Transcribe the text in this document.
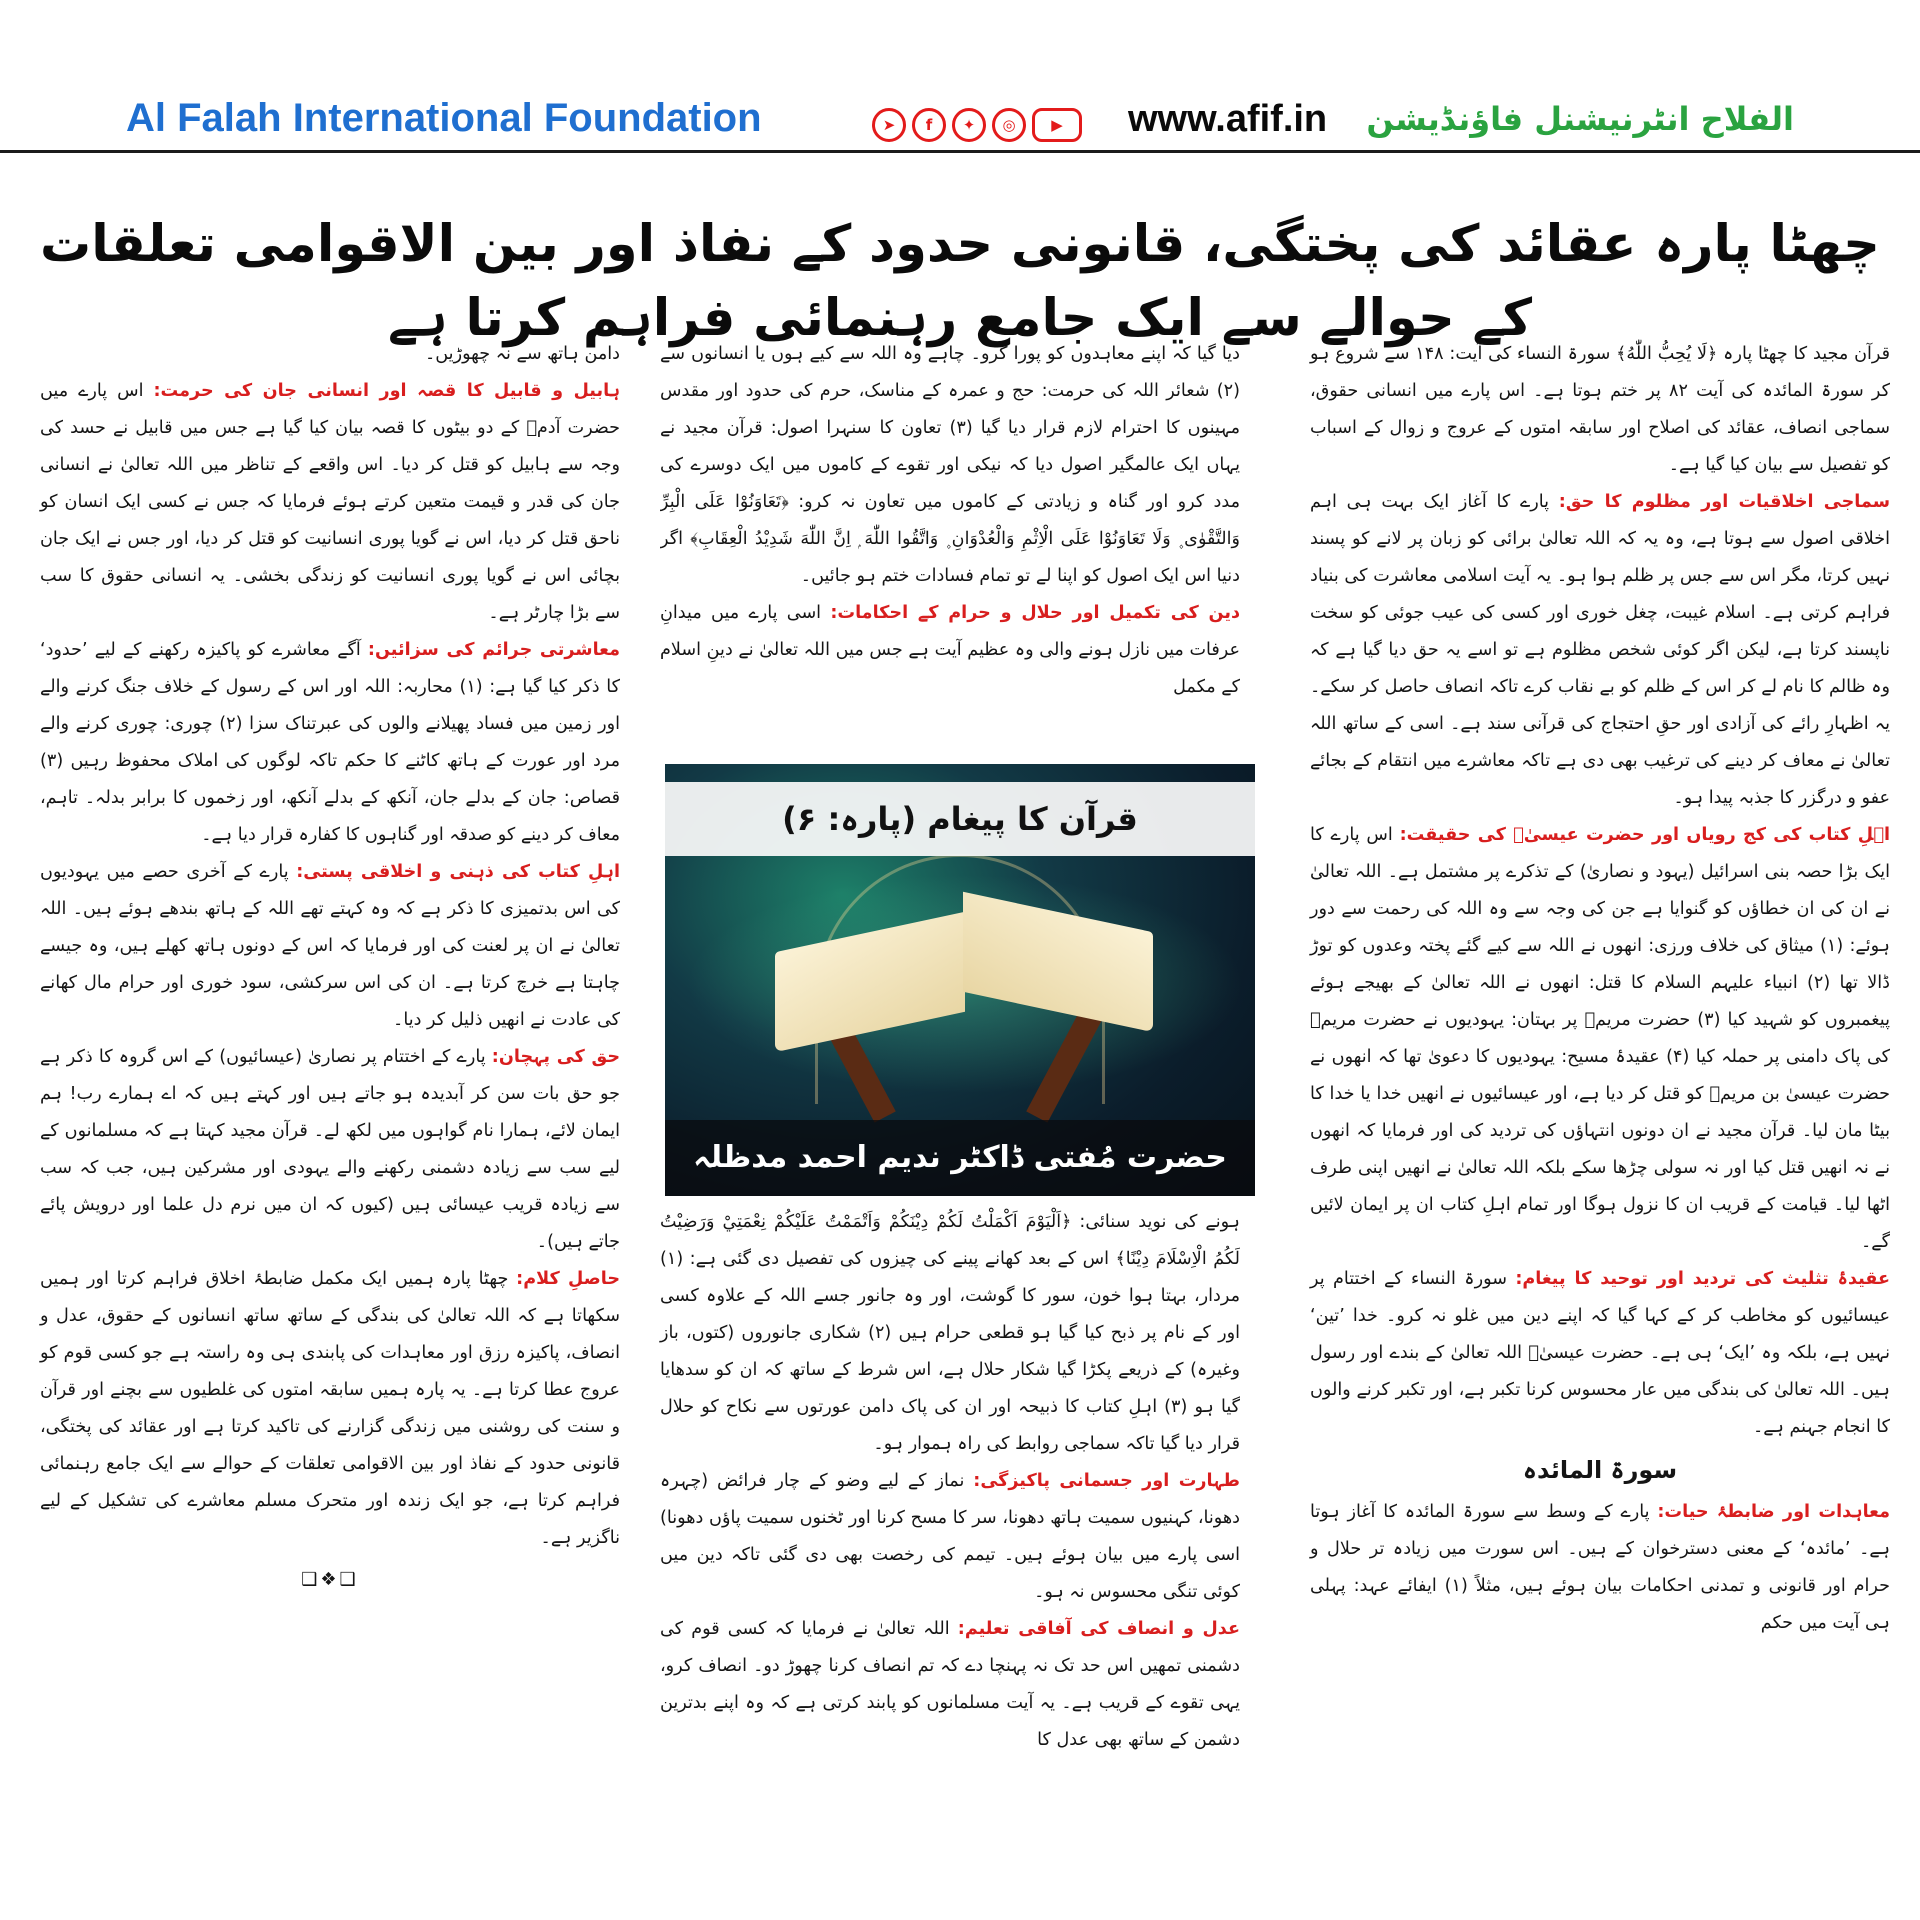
Al Falah International Foundation	➤	f	✦	◎	▶	www.afif.in الفلاح انٹرنیشنل فاؤنڈیشن
چھٹا پارہ عقائد کی پختگی، قانونی حدود کے نفاذ اور بین الاقوامی تعلقات کے حوالے سے ایک جامع رہنمائی فراہم کرتا ہے

قرآن مجید کا چھٹا پارہ ﴿لَا يُحِبُّ اللّٰهُ﴾ سورۃ النساء کی آیت: ۱۴۸ سے شروع ہو کر سورۃ المائدہ کی آیت ۸۲ پر ختم ہوتا ہے۔ اس پارے میں انسانی حقوق، سماجی انصاف، عقائد کی اصلاح اور سابقہ امتوں کے عروج و زوال کے اسباب کو تفصیل سے بیان کیا گیا ہے۔

سماجی اخلاقیات اور مظلوم کا حق: پارے کا آغاز ایک بہت ہی اہم اخلاقی اصول سے ہوتا ہے، وہ یہ کہ اللہ تعالیٰ برائی کو زبان پر لانے کو پسند نہیں کرتا، مگر اس سے جس پر ظلم ہوا ہو۔ یہ آیت اسلامی معاشرت کی بنیاد فراہم کرتی ہے۔ اسلام غیبت، چغل خوری اور کسی کی عیب جوئی کو سخت ناپسند کرتا ہے، لیکن اگر کوئی شخص مظلوم ہے تو اسے یہ حق دیا گیا ہے کہ وہ ظالم کا نام لے کر اس کے ظلم کو بے نقاب کرے تاکہ انصاف حاصل کر سکے۔ یہ اظہارِ رائے کی آزادی اور حقِ احتجاج کی قرآنی سند ہے۔ اسی کے ساتھ اللہ تعالیٰ نے معاف کر دینے کی ترغیب بھی دی ہے تاکہ معاشرے میں انتقام کے بجائے عفو و درگزر کا جذبہ پیدا ہو۔

اہلِ کتاب کی کج رویاں اور حضرت عیسیٰؑ کی حقیقت: اس پارے کا ایک بڑا حصہ بنی اسرائیل (یہود و نصاریٰ) کے تذکرے پر مشتمل ہے۔ اللہ تعالیٰ نے ان کی ان خطاؤں کو گنوایا ہے جن کی وجہ سے وہ اللہ کی رحمت سے دور ہوئے: (۱) میثاق کی خلاف ورزی: انھوں نے اللہ سے کیے گئے پختہ وعدوں کو توڑ ڈالا تھا (۲) انبیاء علیہم السلام کا قتل: انھوں نے اللہ تعالیٰ کے بھیجے ہوئے پیغمبروں کو شہید کیا (۳) حضرت مریمؑ پر بہتان: یہودیوں نے حضرت مریمؑ کی پاک دامنی پر حملہ کیا (۴) عقیدۂ مسیح: یہودیوں کا دعویٰ تھا کہ انھوں نے حضرت عیسیٰ بن مریمؑ کو قتل کر دیا ہے، اور عیسائیوں نے انھیں خدا یا خدا کا بیٹا مان لیا۔ قرآن مجید نے ان دونوں انتہاؤں کی تردید کی اور فرمایا کہ انھوں نے نہ انھیں قتل کیا اور نہ سولی چڑھا سکے بلکہ اللہ تعالیٰ نے انھیں اپنی طرف اٹھا لیا۔ قیامت کے قریب ان کا نزول ہوگا اور تمام اہلِ کتاب ان پر ایمان لائیں گے۔

عقیدۂ تثلیث کی تردید اور توحید کا پیغام: سورۃ النساء کے اختتام پر عیسائیوں کو مخاطب کر کے کہا گیا کہ اپنے دین میں غلو نہ کرو۔ خدا ’تین‘ نہیں ہے، بلکہ وہ ’ایک‘ ہی ہے۔ حضرت عیسیٰؑ اللہ تعالیٰ کے بندے اور رسول ہیں۔ اللہ تعالیٰ کی بندگی میں عار محسوس کرنا تکبر ہے، اور تکبر کرنے والوں کا انجام جہنم ہے۔

سورۃ المائدہ

معاہدات اور ضابطۂ حیات: پارے کے وسط سے سورۃ المائدہ کا آغاز ہوتا ہے۔ ’مائدہ‘ کے معنی دسترخوان کے ہیں۔ اس سورت میں زیادہ تر حلال و حرام اور قانونی و تمدنی احکامات بیان ہوئے ہیں، مثلاً (۱) ایفائے عہد: پہلی ہی آیت میں حکم

دیا گیا کہ اپنے معاہدوں کو پورا کرو۔ چاہے وہ اللہ سے کیے ہوں یا انسانوں سے (۲) شعائر اللہ کی حرمت: حج و عمرہ کے مناسک، حرم کی حدود اور مقدس مہینوں کا احترام لازم قرار دیا گیا (۳) تعاون کا سنہرا اصول: قرآن مجید نے یہاں ایک عالمگیر اصول دیا کہ نیکی اور تقوے کے کاموں میں ایک دوسرے کی مدد کرو اور گناہ و زیادتی کے کاموں میں تعاون نہ کرو: ﴿تَعَاوَنُوْا عَلَى الْبِرِّ وَالتَّقْوٰى ۪ وَلَا تَعَاوَنُوْا عَلَى الْاِثْمِ وَالْعُدْوَانِ ۪ وَاتَّقُوا اللّٰهَ ۭ اِنَّ اللّٰهَ شَدِيْدُ الْعِقَابِ﴾ اگر دنیا اس ایک اصول کو اپنا لے تو تمام فسادات ختم ہو جائیں۔

دین کی تکمیل اور حلال و حرام کے احکامات: اسی پارے میں میدانِ عرفات میں نازل ہونے والی وہ عظیم آیت ہے جس میں اللہ تعالیٰ نے دینِ اسلام کے مکمل

قرآن کا پیغام (پارہ: ۶)
حضرت مُفتی ڈاکٹر ندیم احمد مدظلہ

ہونے کی نوید سنائی: ﴿اَلْيَوْمَ اَكْمَلْتُ لَكُمْ دِيْنَكُمْ وَاَتْمَمْتُ عَلَيْكُمْ نِعْمَتِيْ وَرَضِيْتُ لَكُمُ الْاِسْلَامَ دِيْنًا﴾ اس کے بعد کھانے پینے کی چیزوں کی تفصیل دی گئی ہے: (۱) مردار، بہتا ہوا خون، سور کا گوشت، اور وہ جانور جسے اللہ کے علاوہ کسی اور کے نام پر ذبح کیا گیا ہو قطعی حرام ہیں (۲) شکاری جانوروں (کتوں، باز وغیرہ) کے ذریعے پکڑا گیا شکار حلال ہے، اس شرط کے ساتھ کہ ان کو سدھایا گیا ہو (۳) اہلِ کتاب کا ذبیحہ اور ان کی پاک دامن عورتوں سے نکاح کو حلال قرار دیا گیا تاکہ سماجی روابط کی راہ ہموار ہو۔

طہارت اور جسمانی پاکیزگی: نماز کے لیے وضو کے چار فرائض (چہرہ دھونا، کہنیوں سمیت ہاتھ دھونا، سر کا مسح کرنا اور ٹخنوں سمیت پاؤں دھونا) اسی پارے میں بیان ہوئے ہیں۔ تیمم کی رخصت بھی دی گئی تاکہ دین میں کوئی تنگی محسوس نہ ہو۔

عدل و انصاف کی آفاقی تعلیم: اللہ تعالیٰ نے فرمایا کہ کسی قوم کی دشمنی تمھیں اس حد تک نہ پہنچا دے کہ تم انصاف کرنا چھوڑ دو۔ انصاف کرو، یہی تقوے کے قریب ہے۔ یہ آیت مسلمانوں کو پابند کرتی ہے کہ وہ اپنے بدترین دشمن کے ساتھ بھی عدل کا

دامن ہاتھ سے نہ چھوڑیں۔

ہابیل و قابیل کا قصہ اور انسانی جان کی حرمت: اس پارے میں حضرت آدمؑ کے دو بیٹوں کا قصہ بیان کیا گیا ہے جس میں قابیل نے حسد کی وجہ سے ہابیل کو قتل کر دیا۔ اس واقعے کے تناظر میں اللہ تعالیٰ نے انسانی جان کی قدر و قیمت متعین کرتے ہوئے فرمایا کہ جس نے کسی ایک انسان کو ناحق قتل کر دیا، اس نے گویا پوری انسانیت کو قتل کر دیا، اور جس نے ایک جان بچائی اس نے گویا پوری انسانیت کو زندگی بخشی۔ یہ انسانی حقوق کا سب سے بڑا چارٹر ہے۔

معاشرتی جرائم کی سزائیں: آگے معاشرے کو پاکیزہ رکھنے کے لیے ’حدود‘ کا ذکر کیا گیا ہے: (۱) محاربہ: اللہ اور اس کے رسول کے خلاف جنگ کرنے والے اور زمین میں فساد پھیلانے والوں کی عبرتناک سزا (۲) چوری: چوری کرنے والے مرد اور عورت کے ہاتھ کاٹنے کا حکم تاکہ لوگوں کی املاک محفوظ رہیں (۳) قصاص: جان کے بدلے جان، آنکھ کے بدلے آنکھ، اور زخموں کا برابر بدلہ۔ تاہم، معاف کر دینے کو صدقہ اور گناہوں کا کفارہ قرار دیا ہے۔

اہلِ کتاب کی ذہنی و اخلاقی پستی: پارے کے آخری حصے میں یہودیوں کی اس بدتمیزی کا ذکر ہے کہ وہ کہتے تھے اللہ کے ہاتھ بندھے ہوئے ہیں۔ اللہ تعالیٰ نے ان پر لعنت کی اور فرمایا کہ اس کے دونوں ہاتھ کھلے ہیں، وہ جیسے چاہتا ہے خرچ کرتا ہے۔ ان کی اس سرکشی، سود خوری اور حرام مال کھانے کی عادت نے انھیں ذلیل کر دیا۔

حق کی پہچان: پارے کے اختتام پر نصاریٰ (عیسائیوں) کے اس گروہ کا ذکر ہے جو حق بات سن کر آبدیدہ ہو جاتے ہیں اور کہتے ہیں کہ اے ہمارے رب! ہم ایمان لائے، ہمارا نام گواہوں میں لکھ لے۔ قرآن مجید کہتا ہے کہ مسلمانوں کے لیے سب سے زیادہ دشمنی رکھنے والے یہودی اور مشرکین ہیں، جب کہ سب سے زیادہ قریب عیسائی ہیں (کیوں کہ ان میں نرم دل علما اور درویش پائے جاتے ہیں)۔

حاصلِ کلام: چھٹا پارہ ہمیں ایک مکمل ضابطۂ اخلاق فراہم کرتا اور ہمیں سکھاتا ہے کہ اللہ تعالیٰ کی بندگی کے ساتھ ساتھ انسانوں کے حقوق، عدل و انصاف، پاکیزہ رزق اور معاہدات کی پابندی ہی وہ راستہ ہے جو کسی قوم کو عروج عطا کرتا ہے۔ یہ پارہ ہمیں سابقہ امتوں کی غلطیوں سے بچنے اور قرآن و سنت کی روشنی میں زندگی گزارنے کی تاکید کرتا ہے اور عقائد کی پختگی، قانونی حدود کے نفاذ اور بین الاقوامی تعلقات کے حوالے سے ایک جامع رہنمائی فراہم کرتا ہے، جو ایک زندہ اور متحرک مسلم معاشرے کی تشکیل کے لیے ناگزیر ہے۔

❑❖❑
